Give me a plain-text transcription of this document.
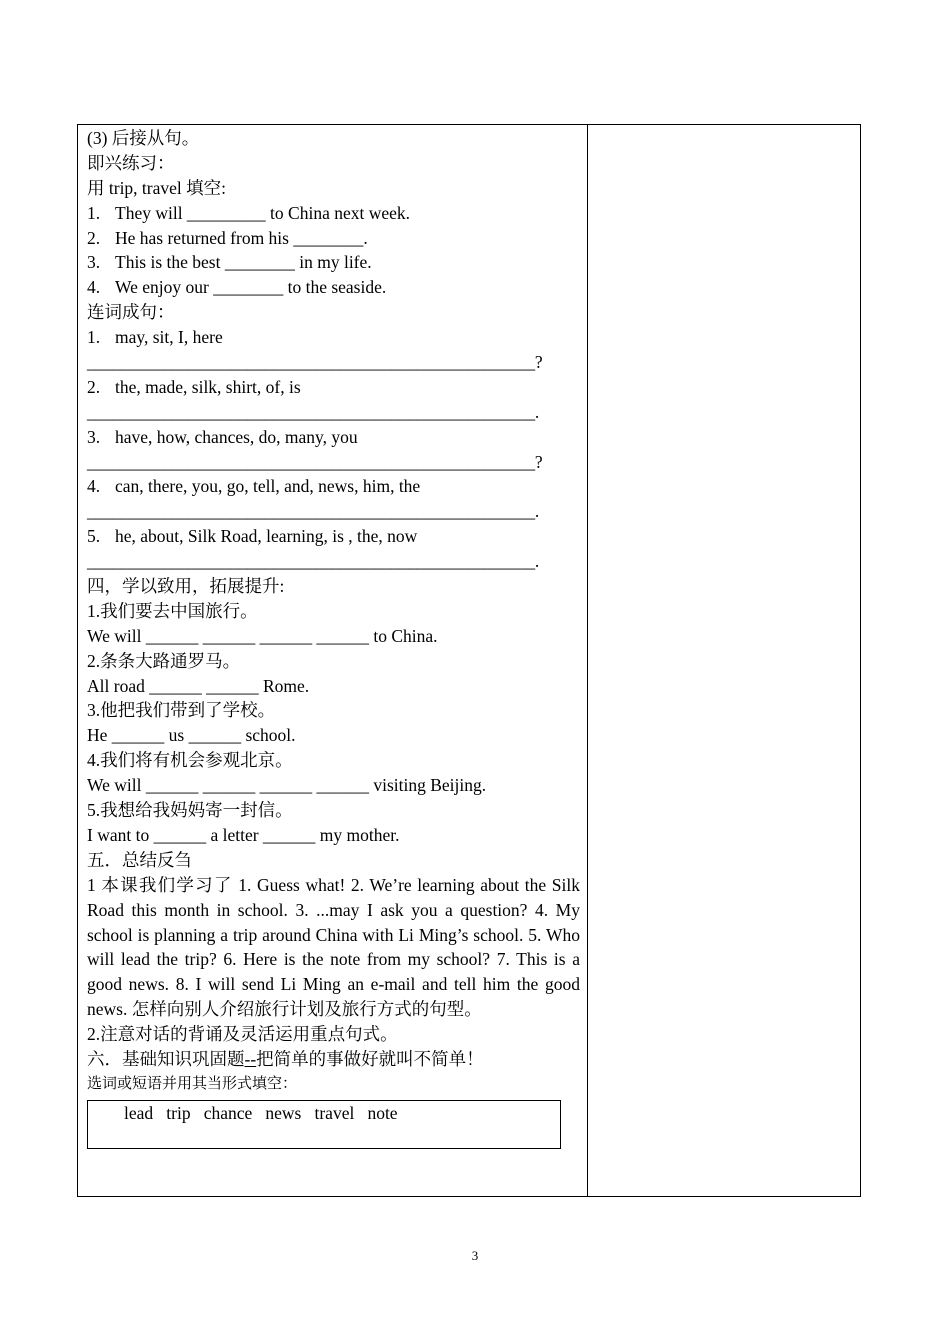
(3) 后接从句。
即兴练习：
用 trip, travel 填空:
1. They will _________ to China next week.
2. He has returned from his ________.
3. This is the best ________ in my life.
4. We enjoy our ________ to the seaside.
连词成句：
1. may, sit, I, here
_____________________________________________________?
2. the, made, silk, shirt, of, is
_____________________________________________________.
3. have, how, chances, do, many, you
_____________________________________________________?
4. can, there, you, go, tell, and, news, him, the
_____________________________________________________.
5. he, about, Silk Road, learning, is , the, now
_____________________________________________________.
四，学以致用，拓展提升:
1.我们要去中国旅行。
We will ______ ______ ______ ______ to China.
2.条条大路通罗马。
All road ______ ______ Rome.
3.他把我们带到了学校。
He ______ us ______ school.
4.我们将有机会参观北京。
We will ______ ______ ______ ______ visiting Beijing.
5.我想给我妈妈寄一封信。
I want to ______ a letter ______ my mother.
五．总结反刍
1 本课我们学习了 1. Guess what! 2. We’re learning about the Silk Road this month in school. 3. ...may I ask you a question? 4. My school is planning a trip around China with Li Ming’s school. 5. Who will lead the trip? 6. Here is the note from my school? 7. This is a good news. 8. I will send Li Ming an e-mail and tell him the good news. 怎样向别人介绍旅行计划及旅行方式的句型。
2.注意对话的背诵及灵活运用重点句式。
六．基础知识巩固题--把简单的事做好就叫不简单！
选词或短语并用其当形式填空：
lead   trip   chance   news   travel   note
3
